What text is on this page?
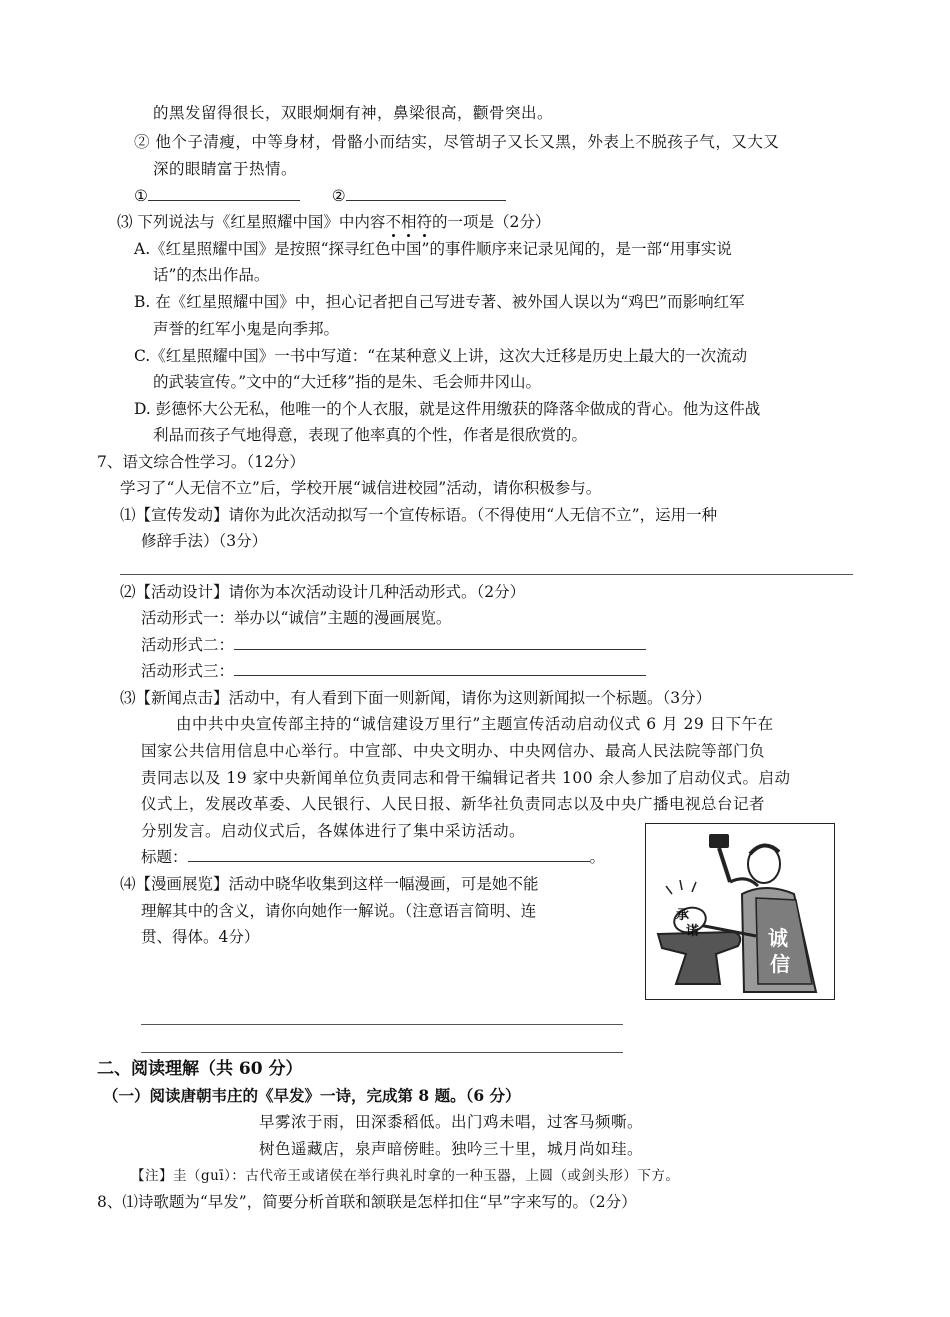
的黑发留得很长，双眼炯炯有神，鼻梁很高，颧骨突出。
② 他个子清瘦，中等身材，骨骼小而结实，尽管胡子又长又黑，外表上不脱孩子气，又大又
深的眼睛富于热情。
①	②
⑶ 下列说法与《红星照耀中国》中内容不相符的一项是（2分）
A.《红星照耀中国》是按照“探寻红色中国”的事件顺序来记录见闻的，是一部“用事实说
话”的杰出作品。
B. 在《红星照耀中国》中，担心记者把自己写进专著、被外国人误以为“鸡巴”而影响红军
声誉的红军小鬼是向季邦。
C.《红星照耀中国》一书中写道：“在某种意义上讲，这次大迁移是历史上最大的一次流动
的武装宣传。”文中的“大迁移”指的是朱、毛会师井冈山。
D. 彭德怀大公无私，他唯一的个人衣服，就是这件用缴获的降落伞做成的背心。他为这件战
利品而孩子气地得意，表现了他率真的个性，作者是很欣赏的。
7、语文综合性学习。（12分）
学习了“人无信不立”后，学校开展“诚信进校园”活动，请你积极参与。
⑴【宣传发动】请你为此次活动拟写一个宣传标语。（不得使用“人无信不立”，运用一种
修辞手法）（3分）
⑵【活动设计】请你为本次活动设计几种活动形式。（2分）
活动形式一：举办以“诚信”主题的漫画展览。
活动形式二：
活动形式三：
⑶【新闻点击】活动中，有人看到下面一则新闻，请你为这则新闻拟一个标题。（3分）
由中共中央宣传部主持的“诚信建设万里行”主题宣传活动启动仪式 6 月 29 日下午在
国家公共信用信息中心举行。中宣部、中央文明办、中央网信办、最高人民法院等部门负
责同志以及 19 家中央新闻单位负责同志和骨干编辑记者共 100 余人参加了启动仪式。启动
仪式上，发展改革委、人民银行、人民日报、新华社负责同志以及中央广播电视总台记者
分别发言。启动仪式后，各媒体进行了集中采访活动。
标题：	。
⑷【漫画展览】活动中晓华收集到这样一幅漫画，可是她不能
理解其中的含义，请你向她作一解说。（注意语言简明、连
贯、得体。4分）
承
诺	诚
信
二、阅读理解（共 60 分）
（一）阅读唐朝韦庄的《早发》一诗，完成第 8 题。（6 分）
早雾浓于雨，田深黍稻低。出门鸡未唱，过客马频嘶。
树色遥藏店，泉声暗傍畦。独吟三十里，城月尚如珪。
【注】圭（guī）：古代帝王或诸侯在举行典礼时拿的一种玉器，上圆（或剑头形）下方。
8、⑴诗歌题为“早发”，简要分析首联和颔联是怎样扣住“早”字来写的。（2分）
